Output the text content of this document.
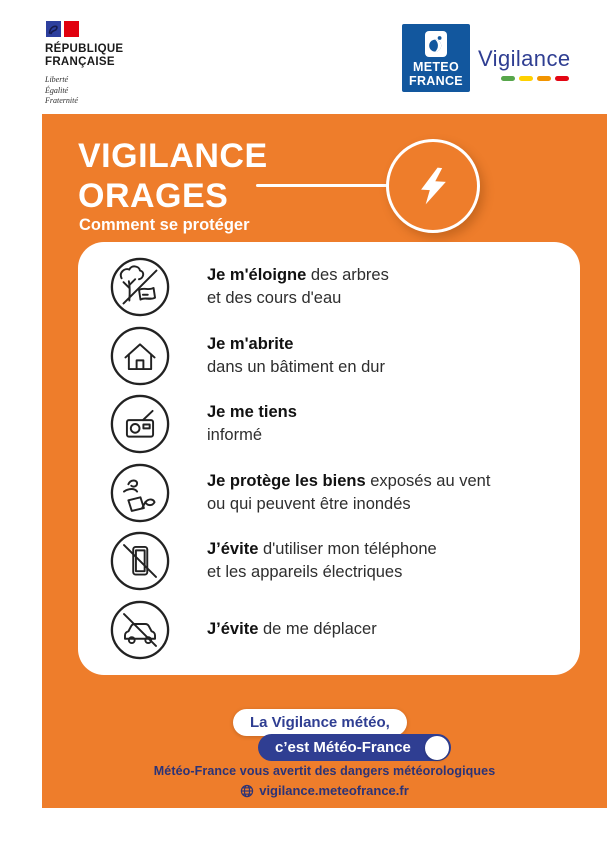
RÉPUBLIQUE
FRANÇAISE
Liberté
Égalité
Fraternité
METEO
FRANCE
Vigilance
VIGILANCE
ORAGES
Comment se protéger
Je m'éloigne des arbres
et des cours d'eau
Je m'abrite
dans un bâtiment en dur
Je me tiens
informé
Je protège les biens exposés au vent
ou qui peuvent être inondés
J’évite d'utiliser mon téléphone
et les appareils électriques
J’évite de me déplacer
La Vigilance météo,
c’est Météo-France
Météo-France vous avertit des dangers météorologiques
vigilance.meteofrance.fr
